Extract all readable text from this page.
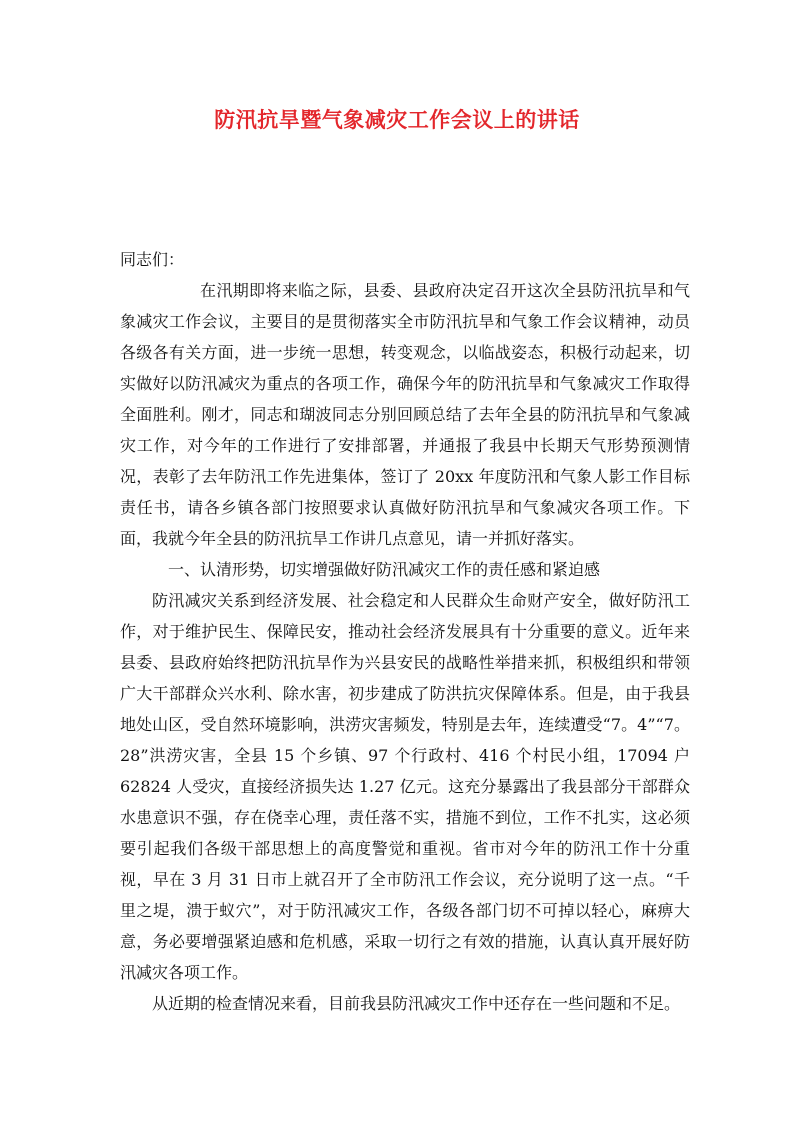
防汛抗旱暨气象减灾工作会议上的讲话

同志们：

在汛期即将来临之际，县委、县政府决定召开这次全县防汛抗旱和气象减灾工作会议，主要目的是贯彻落实全市防汛抗旱和气象工作会议精神，动员各级各有关方面，进一步统一思想，转变观念，以临战姿态，积极行动起来，切实做好以防汛减灾为重点的各项工作，确保今年的防汛抗旱和气象减灾工作取得全面胜利。刚才，同志和瑚波同志分别回顾总结了去年全县的防汛抗旱和气象减灾工作，对今年的工作进行了安排部署，并通报了我县中长期天气形势预测情况，表彰了去年防汛工作先进集体，签订了 20xx 年度防汛和气象人影工作目标责任书，请各乡镇各部门按照要求认真做好防汛抗旱和气象减灾各项工作。下面，我就今年全县的防汛抗旱工作讲几点意见，请一并抓好落实。

一、认清形势，切实增强做好防汛减灾工作的责任感和紧迫感

防汛减灾关系到经济发展、社会稳定和人民群众生命财产安全，做好防汛工作，对于维护民生、保障民安，推动社会经济发展具有十分重要的意义。近年来县委、县政府始终把防汛抗旱作为兴县安民的战略性举措来抓，积极组织和带领广大干部群众兴水利、除水害，初步建成了防洪抗灾保障体系。但是，由于我县地处山区，受自然环境影响，洪涝灾害频发，特别是去年，连续遭受“7。4”“7。28”洪涝灾害，全县 15 个乡镇、97 个行政村、416 个村民小组，17094 户 62824 人受灾，直接经济损失达 1.27 亿元。这充分暴露出了我县部分干部群众水患意识不强，存在侥幸心理，责任落不实，措施不到位，工作不扎实，这必须要引起我们各级干部思想上的高度警觉和重视。省市对今年的防汛工作十分重视，早在 3 月 31 日市上就召开了全市防汛工作会议，充分说明了这一点。“千里之堤，溃于蚁穴”，对于防汛减灾工作，各级各部门切不可掉以轻心，麻痹大意，务必要增强紧迫感和危机感，采取一切行之有效的措施，认真认真开展好防汛减灾各项工作。

从近期的检查情况来看，目前我县防汛减灾工作中还存在一些问题和不足。
